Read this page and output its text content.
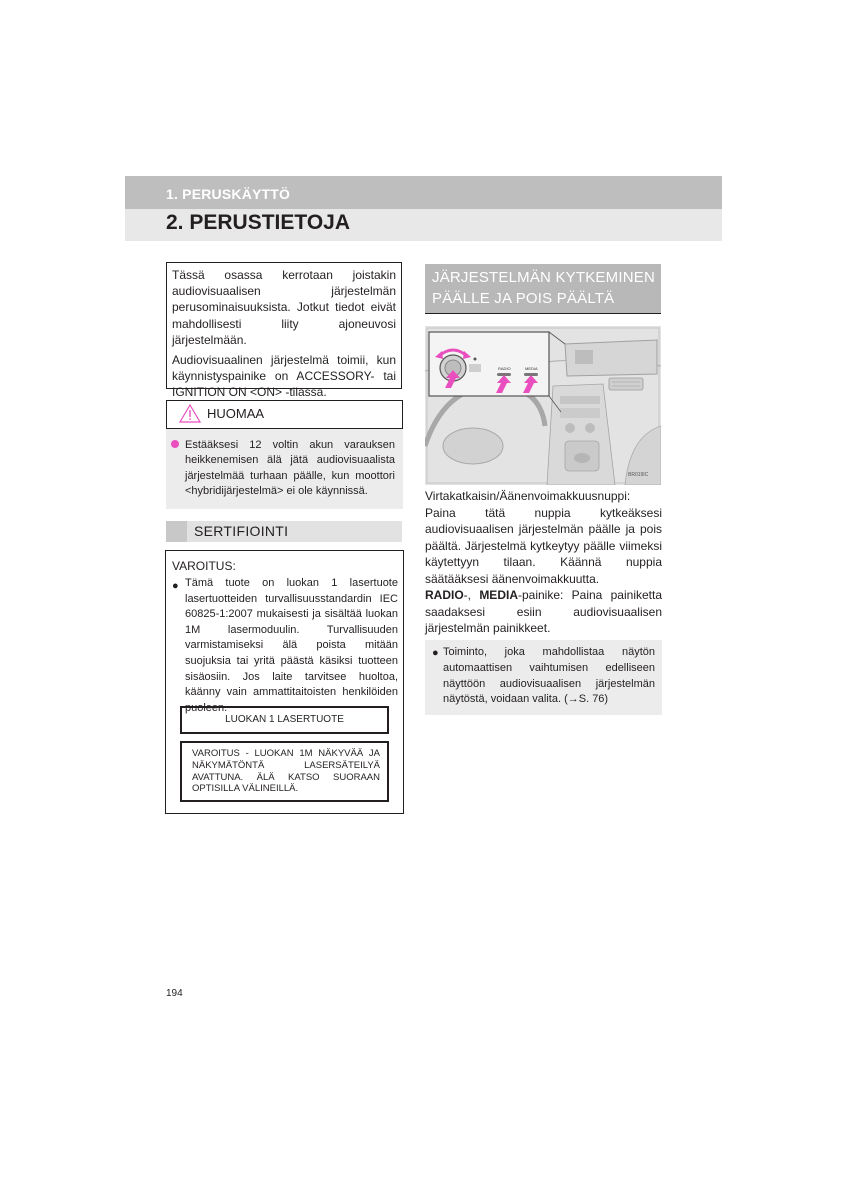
1. PERUSKÄYTTÖ
2. PERUSTIETOJA

Tässä osassa kerrotaan joistakin audiovisuaalisen järjestelmän perusominaisuuksista. Jotkut tiedot eivät mahdollisesti liity ajoneuvosi järjestelmään.

Audiovisuaalinen järjestelmä toimii, kun käynnistyspainike on ACCESSORY- tai IGNITION ON <ON> -tilassa.

HUOMAA

Estääksesi 12 voltin akun varauksen heikkenemisen älä jätä audiovisuaalista järjestelmää turhaan päälle, kun moottori <hybridijärjestelmä> ei ole käynnissä.

SERTIFIOINTI
VAROITUS:
● Tämä tuote on luokan 1 lasertuote lasertuotteiden turvallisuusstandardin IEC 60825-1:2007 mukaisesti ja sisältää luokan 1M lasermoduulin. Turvallisuuden varmistamiseksi älä poista mitään suojuksia tai yritä päästä käsiksi tuotteen sisäosiin. Jos laite tarvitsee huoltoa, käänny vain ammattitaitoisten henkilöiden puoleen.

LUOKAN 1 LASERTUOTE

VAROITUS - LUOKAN 1M NÄKYVÄÄ JA NÄKYMÄTÖNTÄ LASERSÄTEILYÄ AVATTUNA. ÄLÄ KATSO SUORAAN OPTISILLA VÄLINEILLÄ.

JÄRJESTELMÄN KYTKEMINEN
PÄÄLLE JA POIS PÄÄLTÄ
RADIO	MEDIA
BR019IC

Virtakatkaisin/Äänenvoimakkuusnuppi:

Paina tätä nuppia kytkeäksesi audiovisuaalisen järjestelmän päälle ja pois päältä. Järjestelmä kytkeytyy päälle viimeksi käytettyyn tilaan. Käännä nuppia säätääksesi äänenvoimakkuutta.

RADIO-, MEDIA-painike: Paina painiketta saadaksesi esiin audiovisuaalisen järjestelmän painikkeet.

● Toiminto, joka mahdollistaa näytön automaattisen vaihtumisen edelliseen näyttöön audiovisuaalisen järjestelmän näytöstä, voidaan valita. (→S. 76)

194
